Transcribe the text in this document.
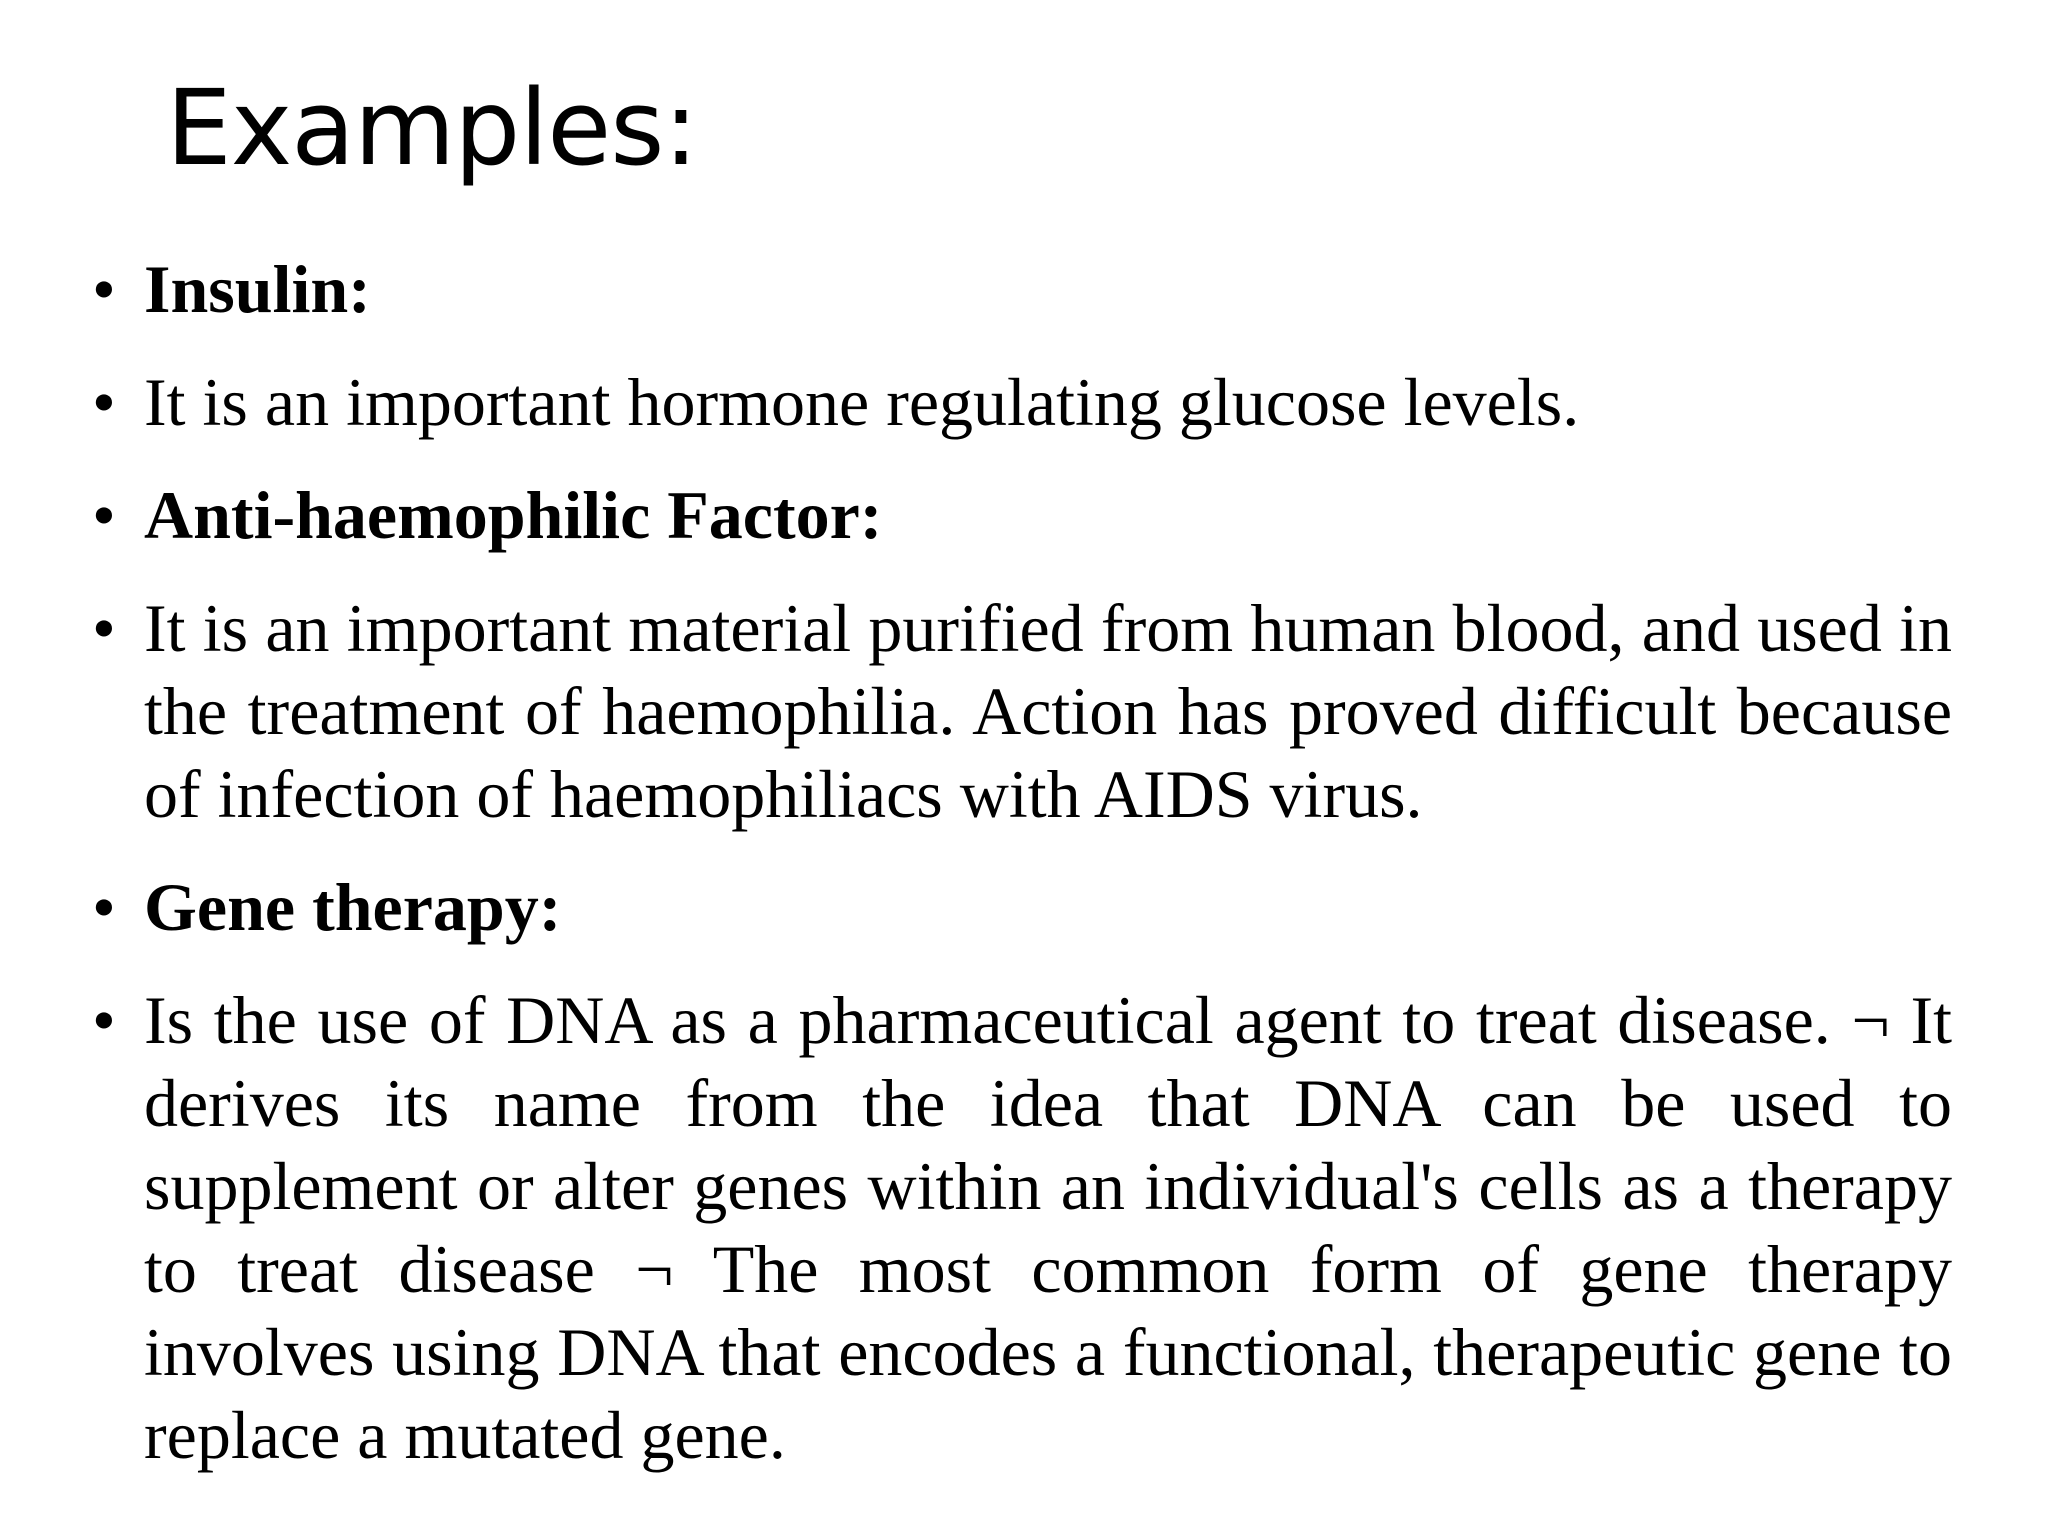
Examples:
• Insulin:
• It is an important hormone regulating glucose levels.
• Anti-haemophilic Factor:
• It is an important material purified from human blood, and used in the treatment of haemophilia. Action has proved difficult because of infection of haemophiliacs with AIDS virus.
• Gene therapy:
• Is the use of DNA as a pharmaceutical agent to treat disease. ¬ It derives its name from the idea that DNA can be used to supplement or alter genes within an individual's cells as a therapy to treat disease ¬ The most common form of gene therapy involves using DNA that encodes a functional, therapeutic gene to replace a mutated gene.
